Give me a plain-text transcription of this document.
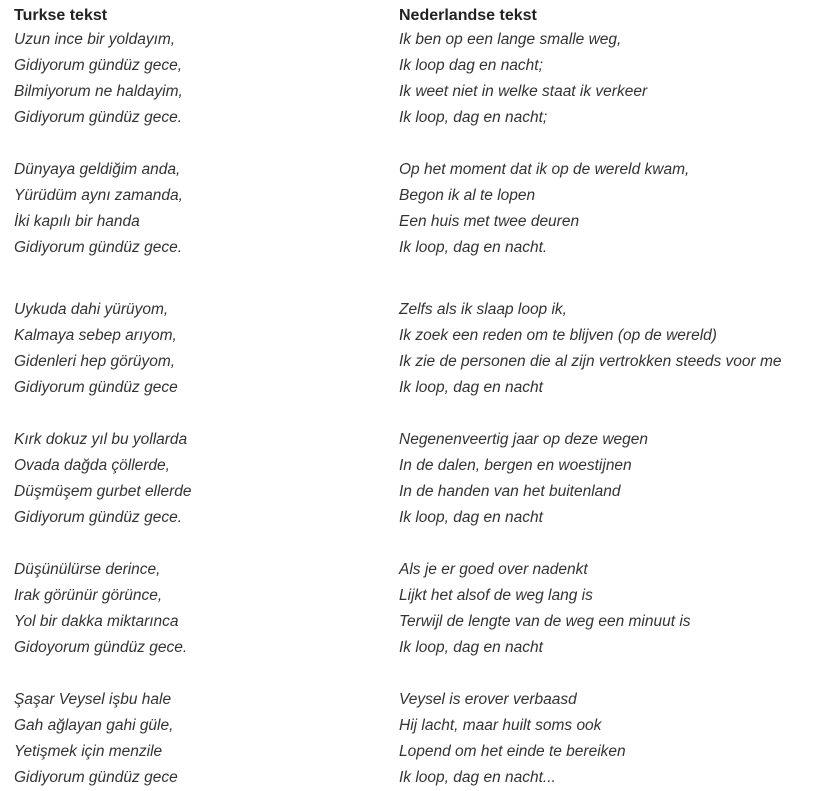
Turkse tekst
Uzun ince bir yoldayım,
Gidiyorum gündüz gece,
Bilmiyorum ne haldayim,
Gidiyorum gündüz gece.
Dünyaya geldiğim anda,
Yürüdüm aynı zamanda,
İki kapılı bir handa
Gidiyorum gündüz gece.
Uykuda dahi yürüyom,
Kalmaya sebep arıyom,
Gidenleri hep görüyom,
Gidiyorum gündüz gece
Kırk dokuz yıl bu yollarda
Ovada dağda çöllerde,
Düşmüşem gurbet ellerde
Gidiyorum gündüz gece.
Düşünülürse derince,
Irak görünür görünce,
Yol bir dakka miktarınca
Gidoyorum gündüz gece.
Şaşar Veysel işbu hale
Gah ağlayan gahi güle,
Yetişmek için menzile
Gidiyorum gündüz gece
Nederlandse tekst
Ik ben op een lange smalle weg,
Ik loop dag en nacht;
Ik weet niet in welke staat ik verkeer
Ik loop, dag en nacht;
Op het moment dat ik op de wereld kwam,
Begon ik al te lopen
Een huis met twee deuren
Ik loop, dag en nacht.
Zelfs als ik slaap loop ik,
Ik zoek een reden om te blijven (op de wereld)
Ik zie de personen die al zijn vertrokken steeds voor me
Ik loop, dag en nacht
Negenenveertig jaar op deze wegen
In de dalen, bergen en woestijnen
In de handen van het buitenland
Ik loop, dag en nacht
Als je er goed over nadenkt
Lijkt het alsof de weg lang is
Terwijl de lengte van de weg een minuut is
Ik loop, dag en nacht
Veysel is erover verbaasd
Hij lacht, maar huilt soms ook
Lopend om het einde te bereiken
Ik loop, dag en nacht...
